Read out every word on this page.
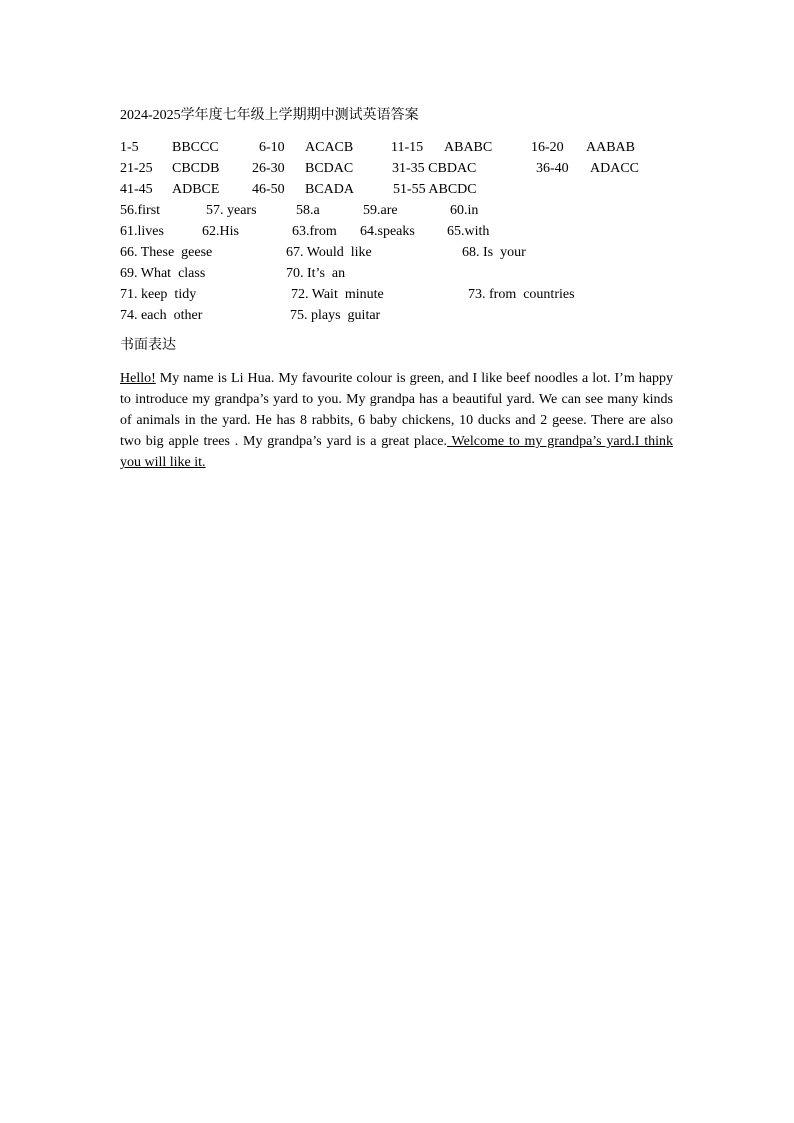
2024-2025学年度七年级上学期期中测试英语答案
1-5 BBCCC	6-10 ACACB	11-15 ABABC	16-20 AABAB
21-25 CBCDB 26-30 BCDAC	31-35 CBDAC	36-40 ADACC
41-45 ADBCE 46-50 BCADA	51-55 ABCDC
56.first	57. years	58.a	59.are	60.in
61.lives	62.His	63.from 64.speaks 65.with
66. These  geese	67. Would  like	68. Is  your
69. What  class	70. It’s  an
71. keep  tidy	72. Wait  minute	73. from  countries
74. each  other	75. plays  guitar
书面表达

Hello! My name is Li Hua. My favourite colour is green, and I like beef noodles a lot. I’m happy to introduce my grandpa’s yard to you. My grandpa has a beautiful yard. We can see many kinds of animals in the yard. He has 8 rabbits, 6 baby chickens, 10 ducks and 2 geese. There are also two big apple trees . My grandpa’s yard is a great place. Welcome to my grandpa’s yard.I think you will like it.
